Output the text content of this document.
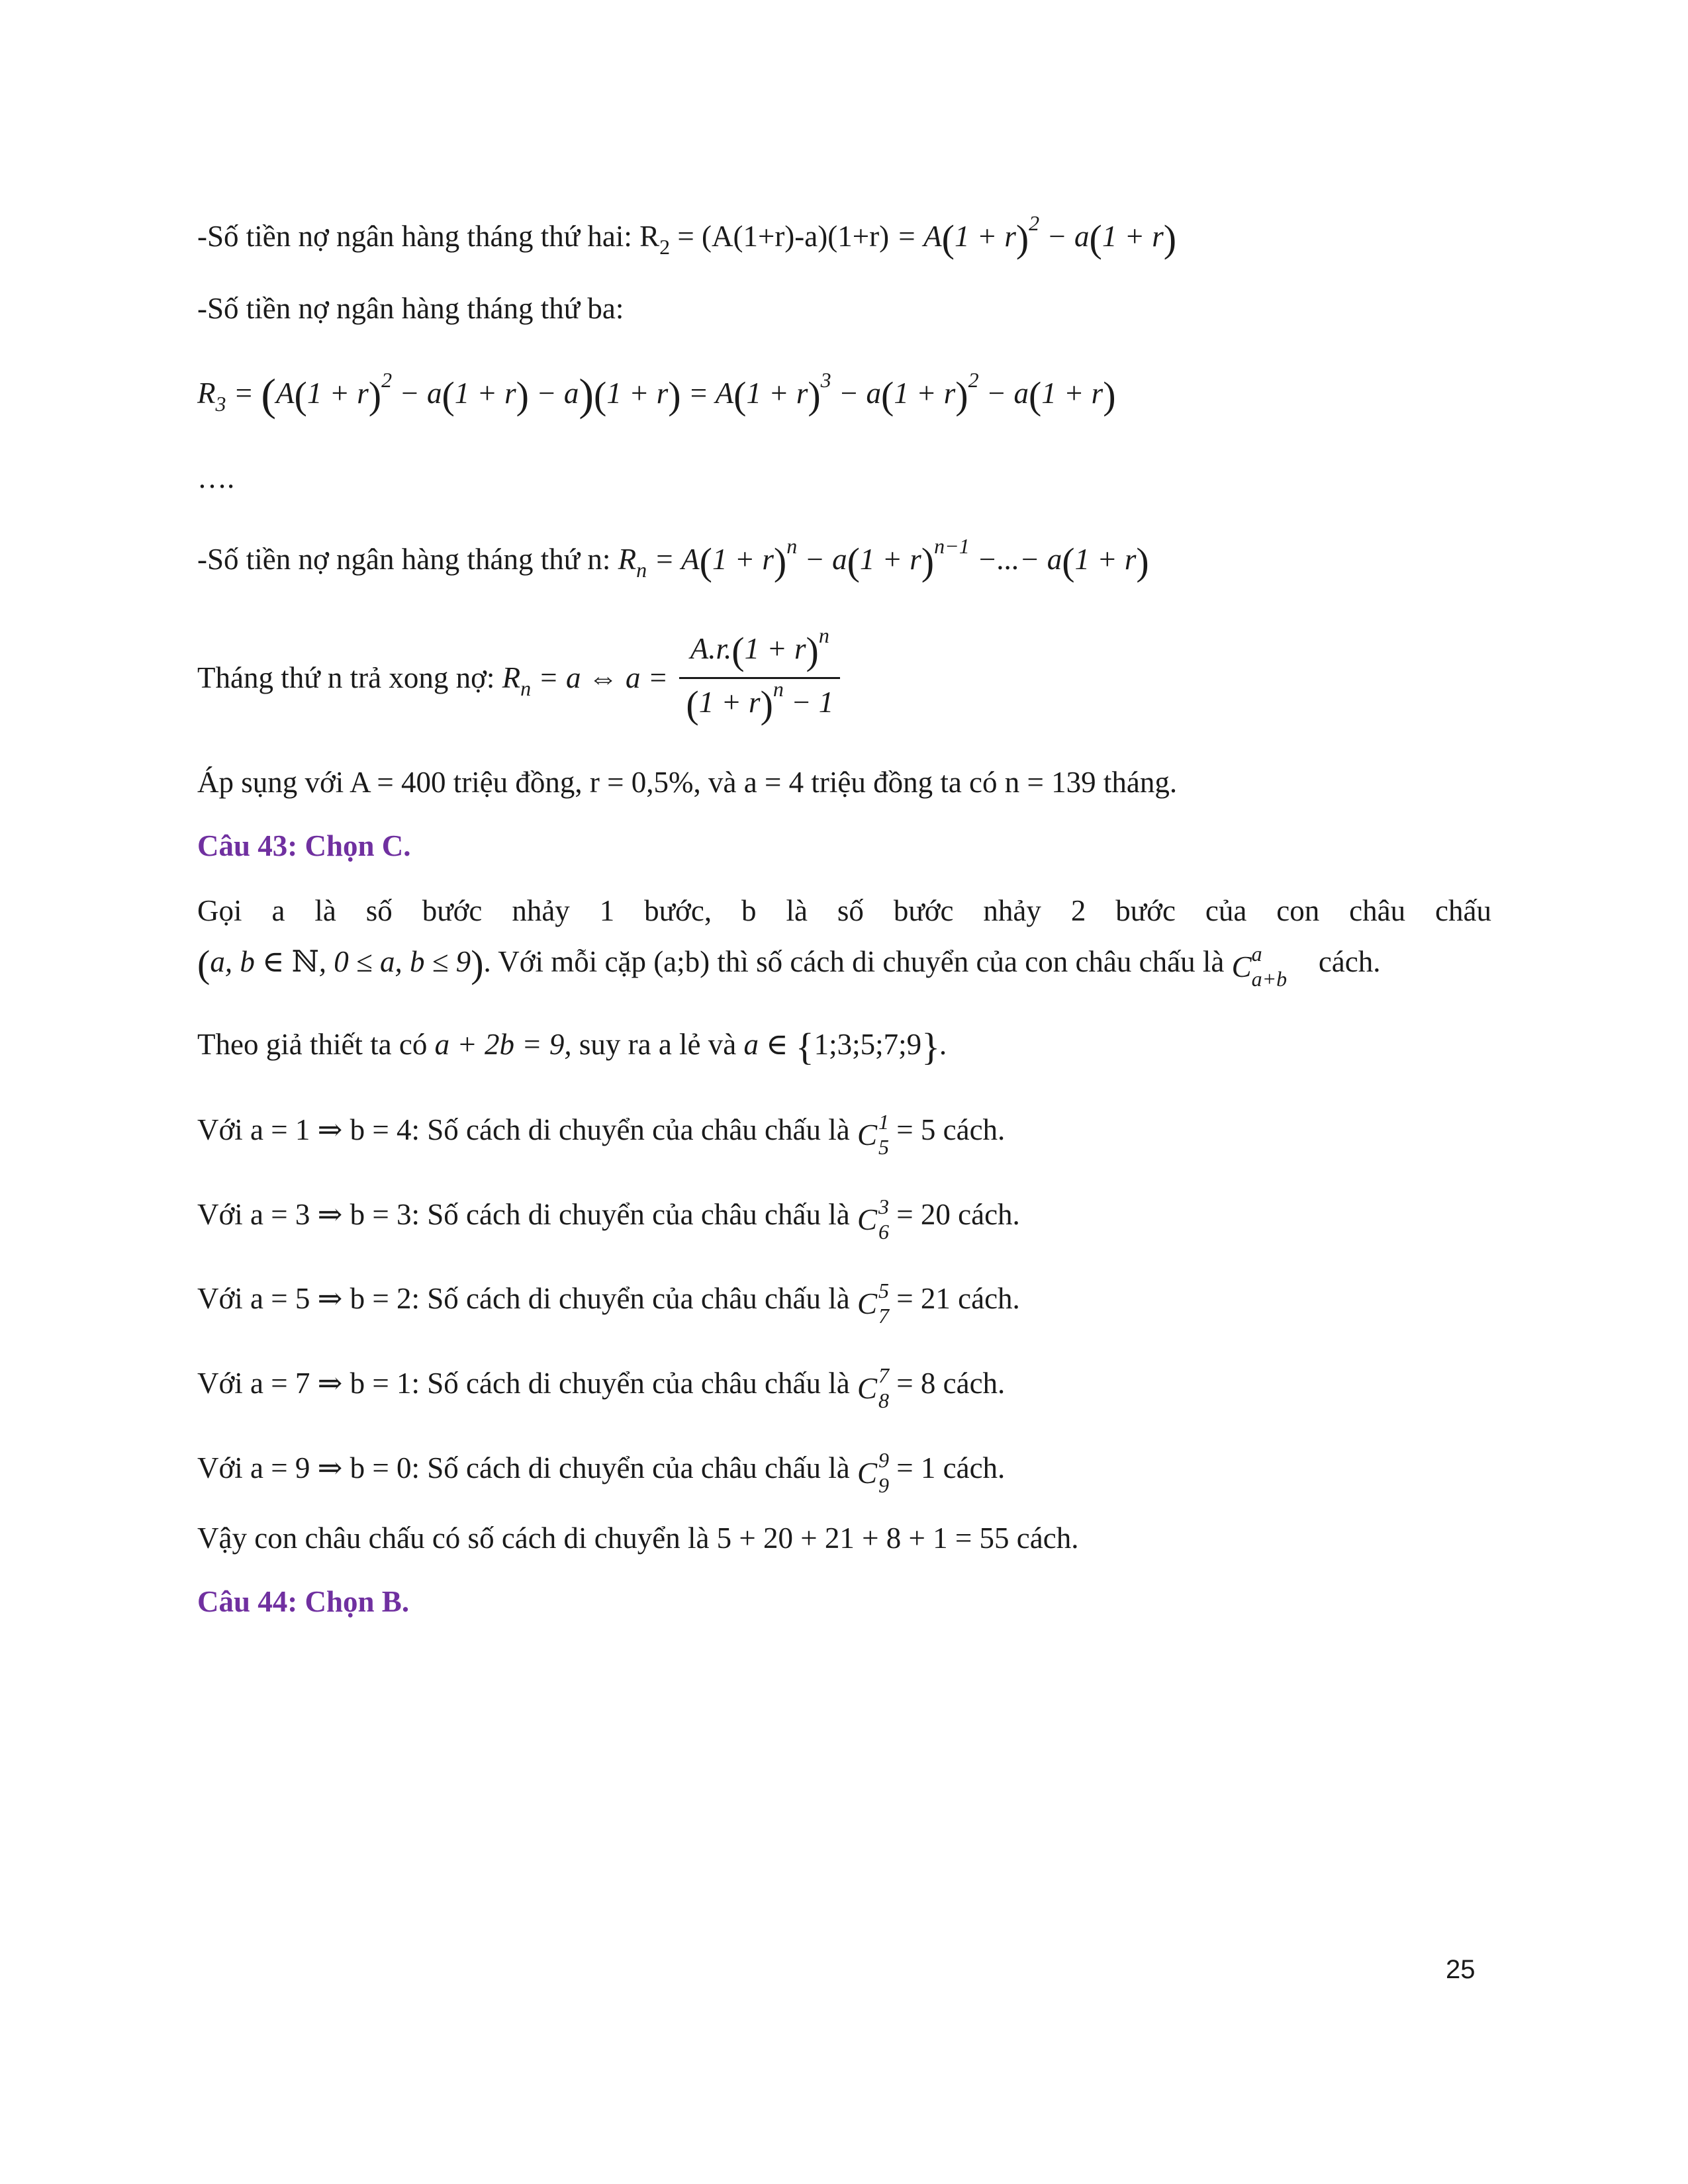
-Số tiền nợ ngân hàng tháng thứ hai: $R_2 = (A(1+r)-a)(1+r) = A(1 + r)^2 - a(1 + r)$
-Số tiền nợ ngân hàng tháng thứ ba:
$R_3 = (A(1 + r)^2 - a(1 + r) - a)(1 + r) = A(1 + r)^3 - a(1 + r)^2 - a(1 + r)$
….
-Số tiền nợ ngân hàng tháng thứ n: $R_n = A(1 + r)^n - a(1 + r)^{n-1}$ −...− a(1 + r)
Tháng thứ n trả xong nợ: $R_n = a$ ⇔ $a = \frac{A.r.(1 + r)^n}{(1 + r)^n - 1}$
Áp sụng với A = 400 triệu đồng, r = 0,5%, và a = 4 triệu đồng ta có n = 139 tháng.
Câu 43: Chọn C.
Gọi a là số bước nhảy 1 bước, b là số bước nhảy 2 bước của con châu chấu
(a, b ∈ ℕ, 0 ≤ a, b ≤ 9). Với mỗi cặp (a;b) thì số cách di chuyển của con châu chấu là C a
a+b
cách.
Theo giả thiết ta có a + 2b = 9, suy ra a lẻ và a ∈ {1;3;5;7;9}.
Với a = 1 ⇒ b = 4: Số cách di chuyển của châu chấu là C 1
5
= 5 cách.
Với a = 3 ⇒ b = 3: Số cách di chuyển của châu chấu là C 3
6
= 20 cách.
Với a = 5 ⇒ b = 2: Số cách di chuyển của châu chấu là C 5
7
= 21 cách.
Với a = 7 ⇒ b = 1: Số cách di chuyển của châu chấu là C 7
8
= 8 cách.
Với a = 9 ⇒ b = 0: Số cách di chuyển của châu chấu là C 9
9
= 1 cách.
Vậy con châu chấu có số cách di chuyển là 5 + 20 + 21 + 8 + 1 = 55 cách.
Câu 44: Chọn B.
25
